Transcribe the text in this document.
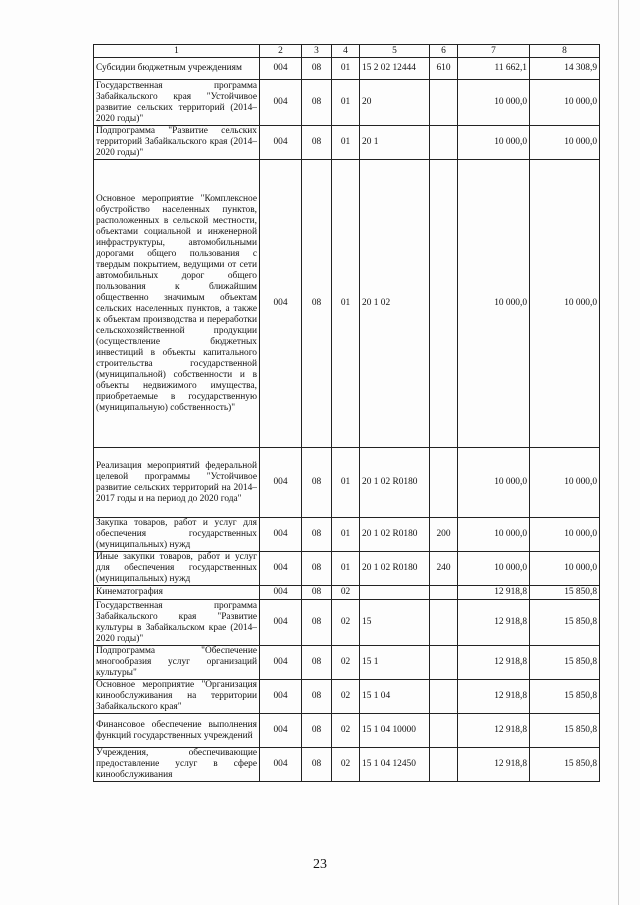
1	2	3	4	5	6	7	8
Субсидии бюджетным учреждениям	004	08	01	15 2 02 12444	610	11 662,1	14 308,9
Государственная программа Забайкальского края "Устойчивое развитие сельских территорий (2014–2020 годы)"	004	08	01	20		10 000,0	10 000,0
Подпрограмма "Развитие сельских территорий Забайкальского края (2014–2020 годы)"	004	08	01	20 1		10 000,0	10 000,0
Основное мероприятие "Комплексное обустройство населенных пунктов, расположенных в сельской местности, объектами социальной и инженерной инфраструктуры, автомобильными дорогами общего пользования с твердым покрытием, ведущими от сети автомобильных дорог общего пользования к ближайшим общественно значимым объектам сельских населенных пунктов, а также к объектам производства и переработки сельскохозяйственной продукции (осуществление бюджетных инвестиций в объекты капитального строительства государственной (муниципальной) собственности и в объекты недвижимого имущества, приобретаемые в государственную (муниципальную) собственность)"	004	08	01	20 1 02		10 000,0	10 000,0
Реализация мероприятий федеральной целевой программы "Устойчивое развитие сельских территорий на 2014–2017 годы и на период до 2020 года"	004	08	01	20 1 02 R0180		10 000,0	10 000,0
Закупка товаров, работ и услуг для обеспечения государственных (муниципальных) нужд	004	08	01	20 1 02 R0180	200	10 000,0	10 000,0
Иные закупки товаров, работ и услуг для обеспечения государственных (муниципальных) нужд	004	08	01	20 1 02 R0180	240	10 000,0	10 000,0
Кинематография	004	08	02			12 918,8	15 850,8
Государственная программа Забайкальского края "Развитие культуры в Забайкальском крае (2014–2020 годы)"	004	08	02	15		12 918,8	15 850,8
Подпрограмма "Обеспечение многообразия услуг организаций культуры"	004	08	02	15 1		12 918,8	15 850,8
Основное мероприятие "Организация кинообслуживания на территории Забайкальского края"	004	08	02	15 1 04		12 918,8	15 850,8
Финансовое обеспечение выполнения функций государственных учреждений	004	08	02	15 1 04 10000		12 918,8	15 850,8
Учреждения, обеспечивающие предоставление услуг в сфере кинообслуживания	004	08	02	15 1 04 12450		12 918,8	15 850,8
23
